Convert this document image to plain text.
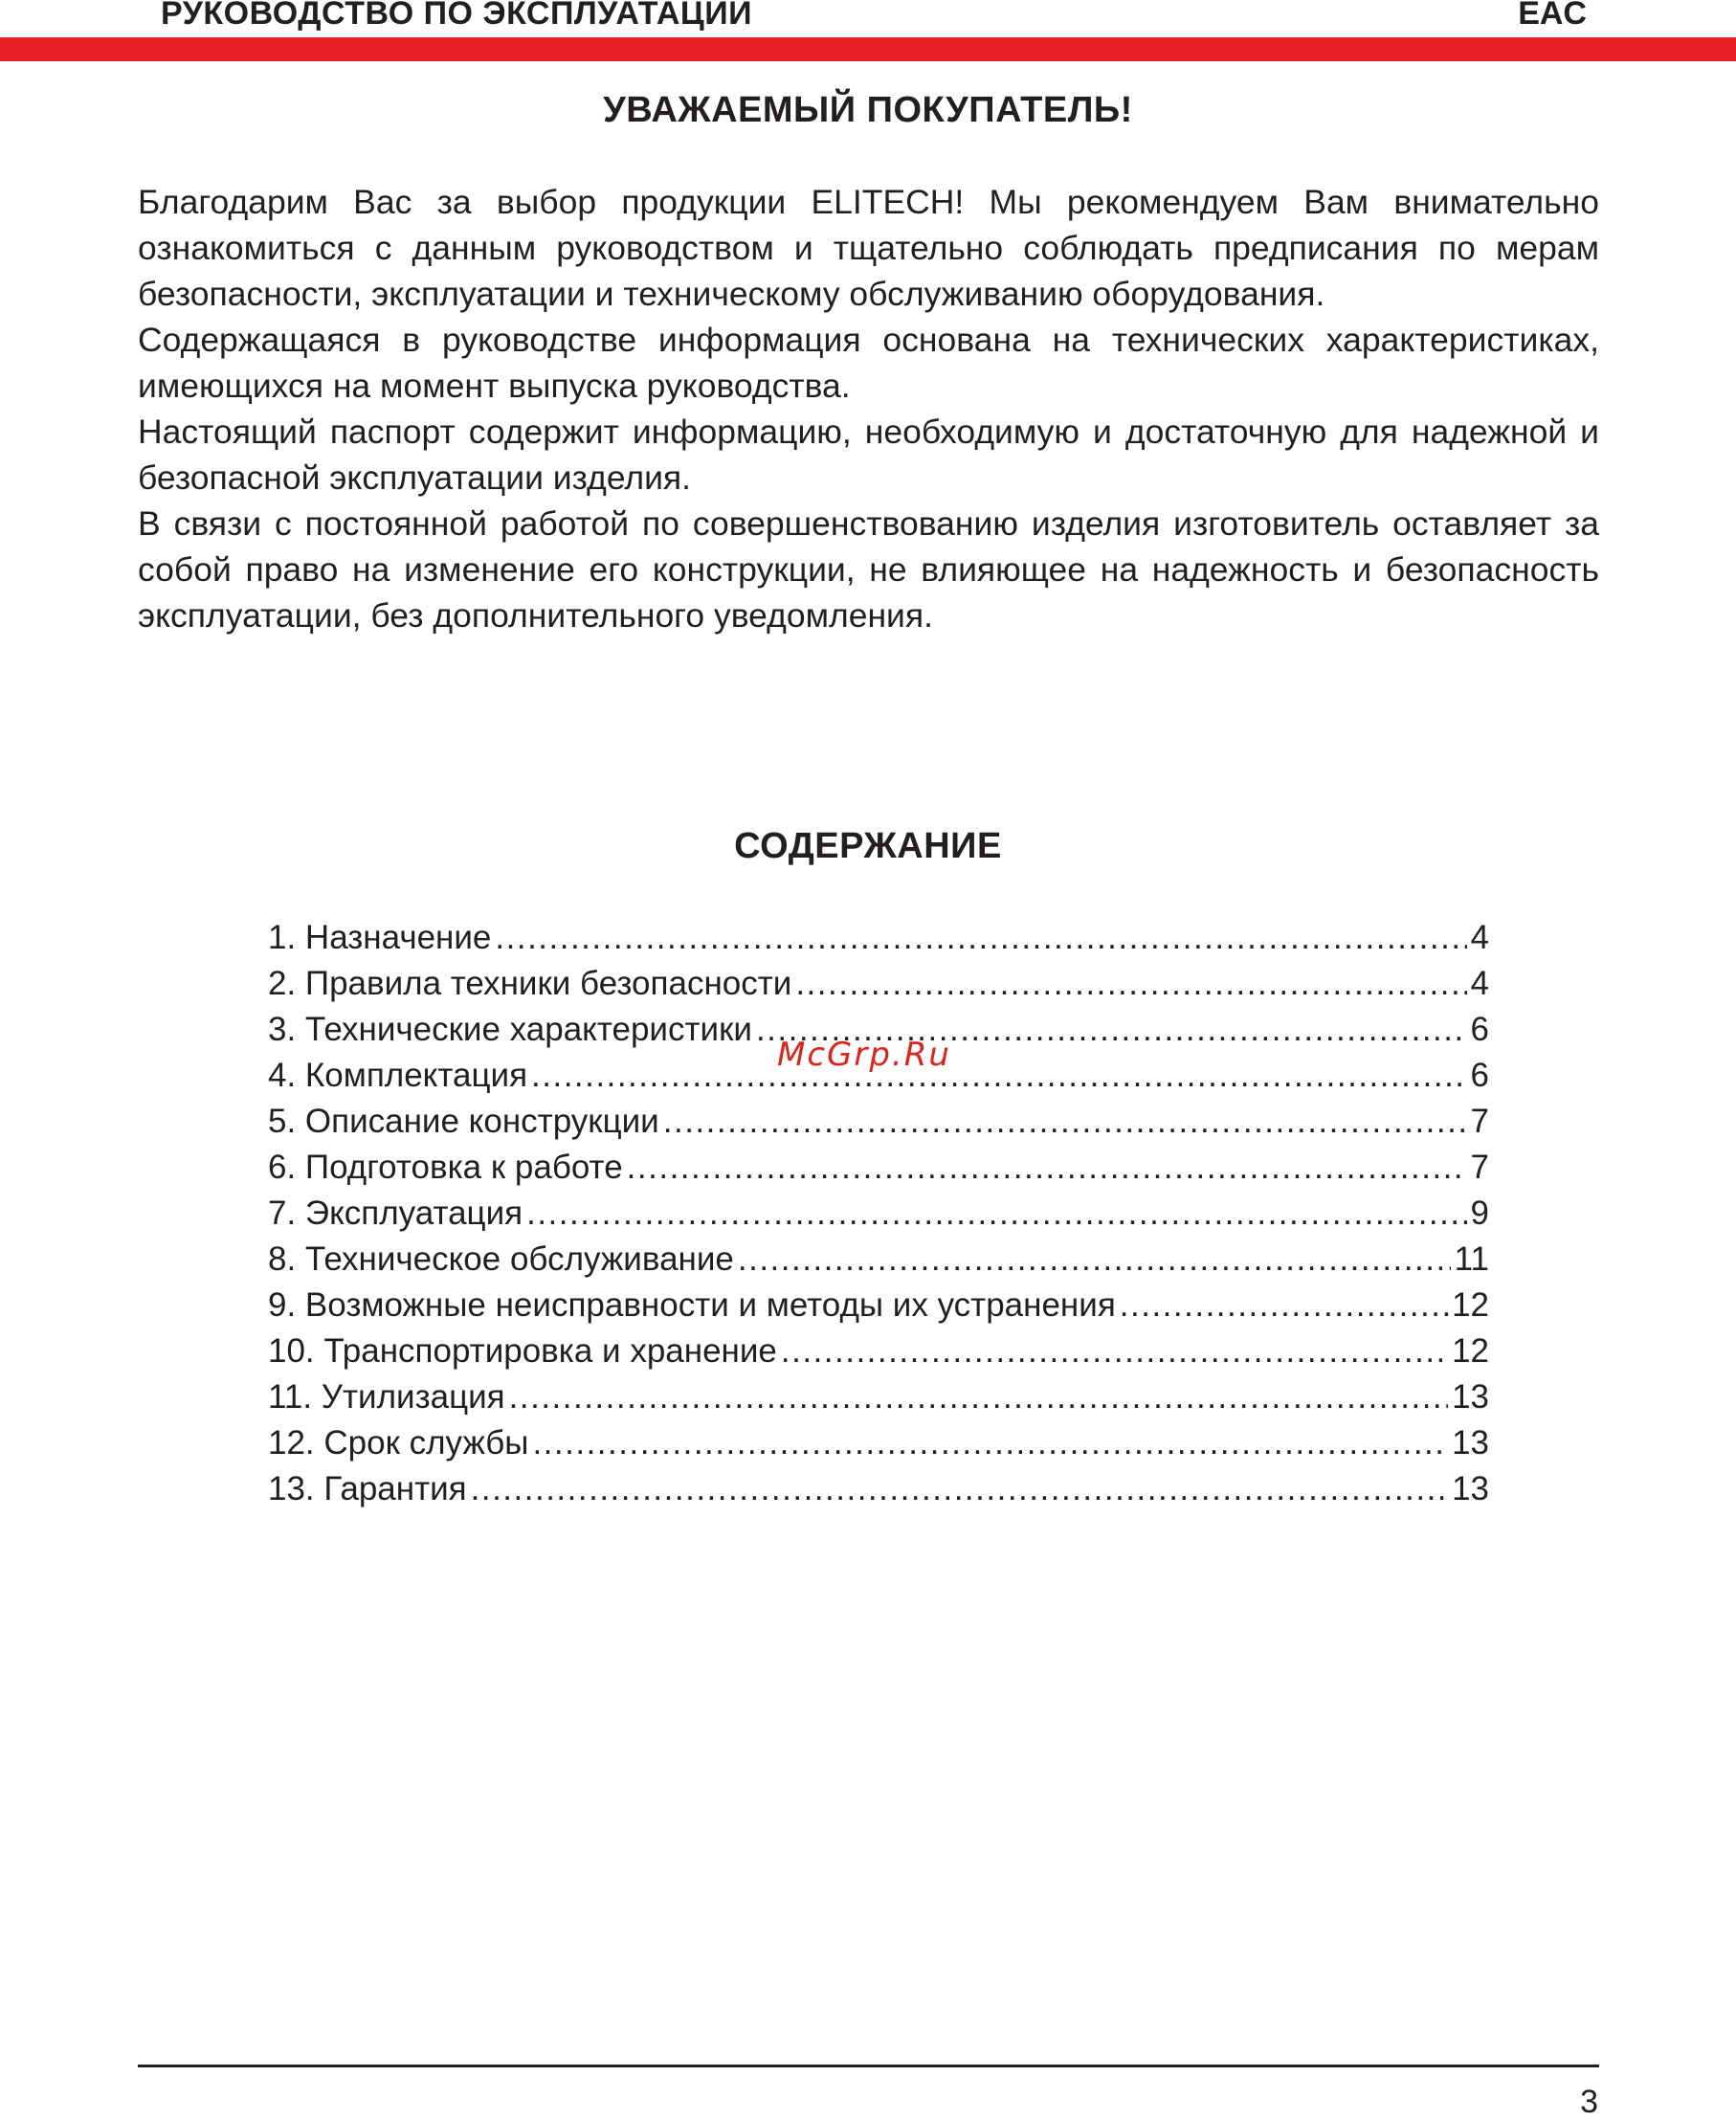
РУКОВОДСТВО ПО ЭКСПЛУАТАЦИИ	EAC
УВАЖАЕМЫЙ ПОКУПАТЕЛЬ!

Благодарим Вас за выбор продукции ELITECH! Мы рекомендуем Вам внимательно ознакомиться с данным руководством и тщательно соблюдать предписания по мерам безопасности, эксплуатации и техническому обслуживанию оборудования.

Содержащаяся в руководстве информация основана на технических характеристиках, имеющихся на момент выпуска руководства.

Настоящий паспорт содержит информацию, необходимую и достаточную для надежной и безопасной эксплуатации изделия.

В связи с постоянной работой по совершенствованию изделия изготовитель оставляет за собой право на изменение его конструкции, не влияющее на надежность и безопасность эксплуатации, без дополнительного уведомления.

СОДЕРЖАНИЕ
1. Назначение .....	4
2. Правила техники безопасности .....	4
3. Технические характеристики .....	6
4. Комплектация .....	6
5. Описание конструкции .....	7
6. Подготовка к работе .....	7
7. Эксплуатация .....	9
8. Техническое обслуживание .....	11
9. Возможные неисправности и методы их устранения .....	12
10. Транспортировка и хранение .....	12
11. Утилизация .....	13
12. Срок службы .....	13
13. Гарантия .....	13
McGrp.Ru
3
